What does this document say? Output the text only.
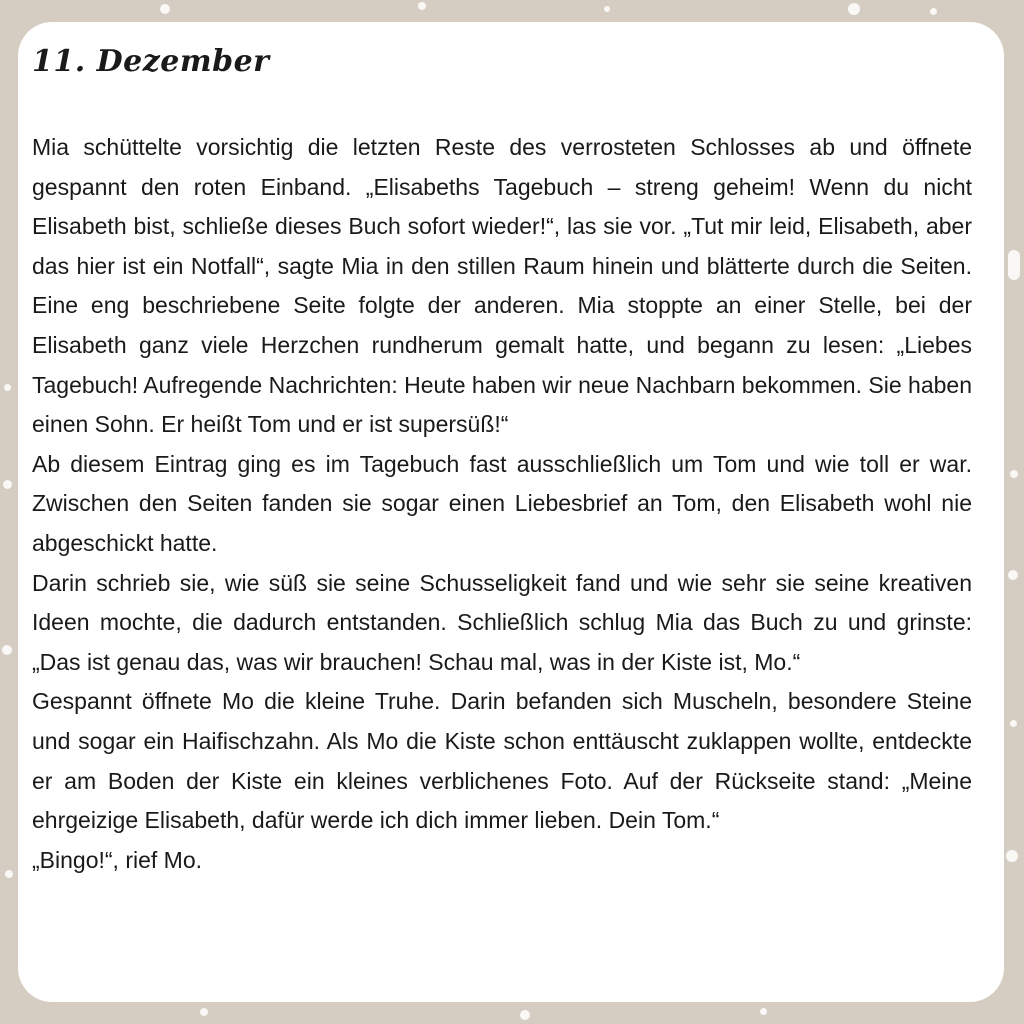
11. Dezember

Mia schüttelte vorsichtig die letzten Reste des verrosteten Schlosses ab und öffnete gespannt den roten Einband. „Elisabeths Tagebuch – streng geheim! Wenn du nicht Elisabeth bist, schließe dieses Buch sofort wieder!“, las sie vor. „Tut mir leid, Elisabeth, aber das hier ist ein Notfall“, sagte Mia in den stillen Raum hinein und blätterte durch die Seiten. Eine eng beschriebene Seite folgte der anderen. Mia stoppte an einer Stelle, bei der Elisabeth ganz viele Herzchen rundherum gemalt hatte, und begann zu lesen: „Liebes Tagebuch! Aufregende Nachrichten: Heute haben wir neue Nachbarn bekommen. Sie haben einen Sohn. Er heißt Tom und er ist supersüß!“

Ab diesem Eintrag ging es im Tagebuch fast ausschließlich um Tom und wie toll er war. Zwischen den Seiten fanden sie sogar einen Liebesbrief an Tom, den Elisabeth wohl nie abgeschickt hatte.

Darin schrieb sie, wie süß sie seine Schusseligkeit fand und wie sehr sie seine kreativen Ideen mochte, die dadurch entstanden. Schließlich schlug Mia das Buch zu und grinste: „Das ist genau das, was wir brauchen! Schau mal, was in der Kiste ist, Mo.“

Gespannt öffnete Mo die kleine Truhe. Darin befanden sich Muscheln, besondere Steine und sogar ein Haifischzahn. Als Mo die Kiste schon enttäuscht zuklappen wollte, entdeckte er am Boden der Kiste ein kleines verblichenes Foto. Auf der Rückseite stand: „Meine ehrgeizige Elisabeth, dafür werde ich dich immer lieben. Dein Tom.“

„Bingo!“, rief Mo.
